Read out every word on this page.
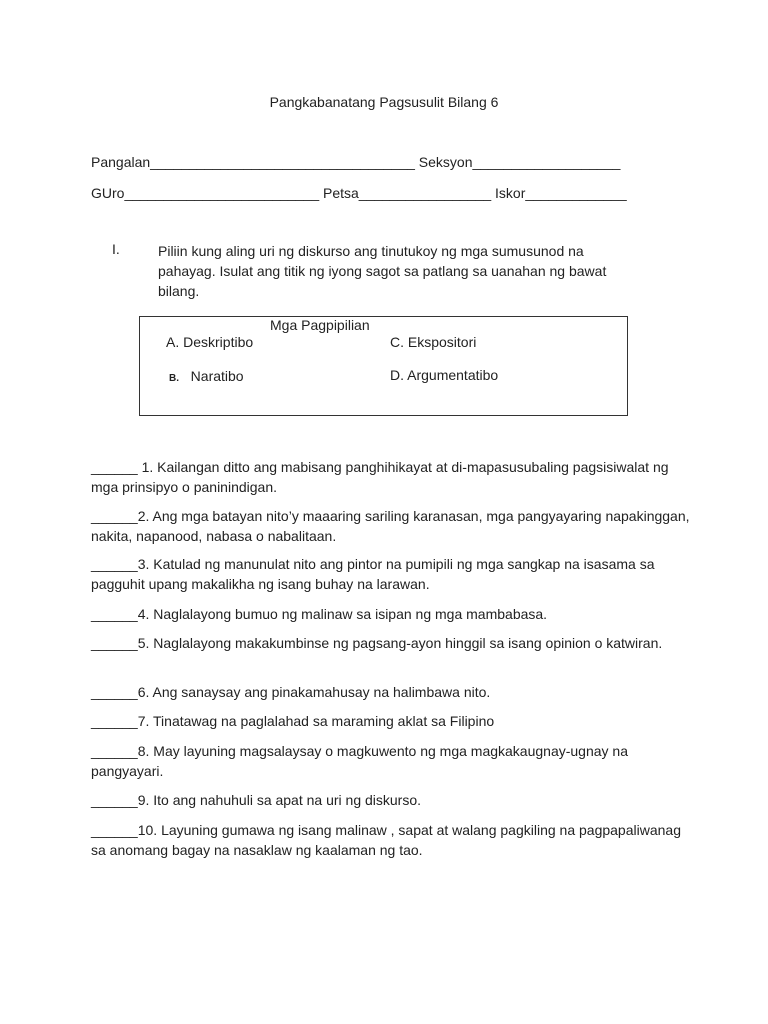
Pangkabanatang Pagsusulit Bilang 6
Pangalan__________________________________ Seksyon___________________
GUro_________________________ Petsa_________________ Iskor_____________
I.	Piliin kung aling uri ng diskurso ang tinutukoy ng mga sumusunod na pahayag. Isulat ang titik ng iyong sagot sa patlang sa uanahan ng bawat bilang.
Mga Pagpipilian
A. Deskriptibo	C. Ekspositori
B. Naratibo	D. Argumentatibo
______ 1. Kailangan ditto ang mabisang panghihikayat at di-mapasusubaling pagsisiwalat ng mga prinsipyo o paninindigan.
______2. Ang mga batayan nito’y maaaring sariling karanasan, mga pangyayaring napakinggan, nakita, napanood, nabasa o nabalitaan.
______3. Katulad ng manunulat nito ang pintor na pumipili ng mga sangkap na isasama sa pagguhit upang makalikha ng isang buhay na larawan.
______4. Naglalayong bumuo ng malinaw sa isipan ng mga mambabasa.
______5. Naglalayong makakumbinse ng pagsang-ayon hinggil sa isang opinion o katwiran.
______6. Ang sanaysay ang pinakamahusay na halimbawa nito.
______7. Tinatawag na paglalahad sa maraming aklat sa Filipino
______8. May layuning magsalaysay o magkuwento ng mga magkakaugnay-ugnay na pangyayari.
______9. Ito ang nahuhuli sa apat na uri ng diskurso.
______10. Layuning gumawa ng isang malinaw , sapat at walang pagkiling na pagpapaliwanag sa anomang bagay na nasaklaw ng kaalaman ng tao.
